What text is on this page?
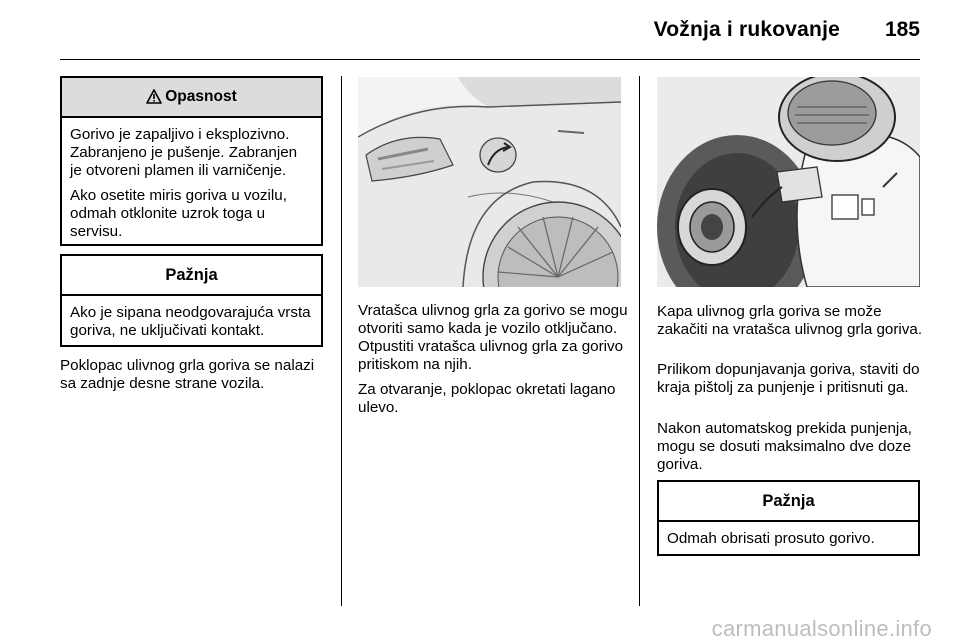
Vožnja i rukovanje	185
Opasnost

Gorivo je zapaljivo i eksplozivno. Zabranjeno je pušenje. Zabranjen je otvoreni plamen ili varničenje.

Ako osetite miris goriva u vozilu, odmah otklonite uzrok toga u servisu.

Pažnja

Ako je sipana neodgovarajuća vrsta goriva, ne uključivati kontakt.

Poklopac ulivnog grla goriva se nalazi sa zadnje desne strane vozila.

Vratašca ulivnog grla za gorivo se mogu otvoriti samo kada je vozilo otključano. Otpustiti vratašca ulivnog grla za gorivo pritiskom na njih.

Za otvaranje, poklopac okretati lagano ulevo.

Kapa ulivnog grla goriva se može zakačiti na vratašca ulivnog grla goriva.

Prilikom dopunjavanja goriva, staviti do kraja pištolj za punjenje i pritisnuti ga.

Nakon automatskog prekida punjenja, mogu se dosuti maksimalno dve doze goriva.

Pažnja

Odmah obrisati prosuto gorivo.

carmanualsonline.info
